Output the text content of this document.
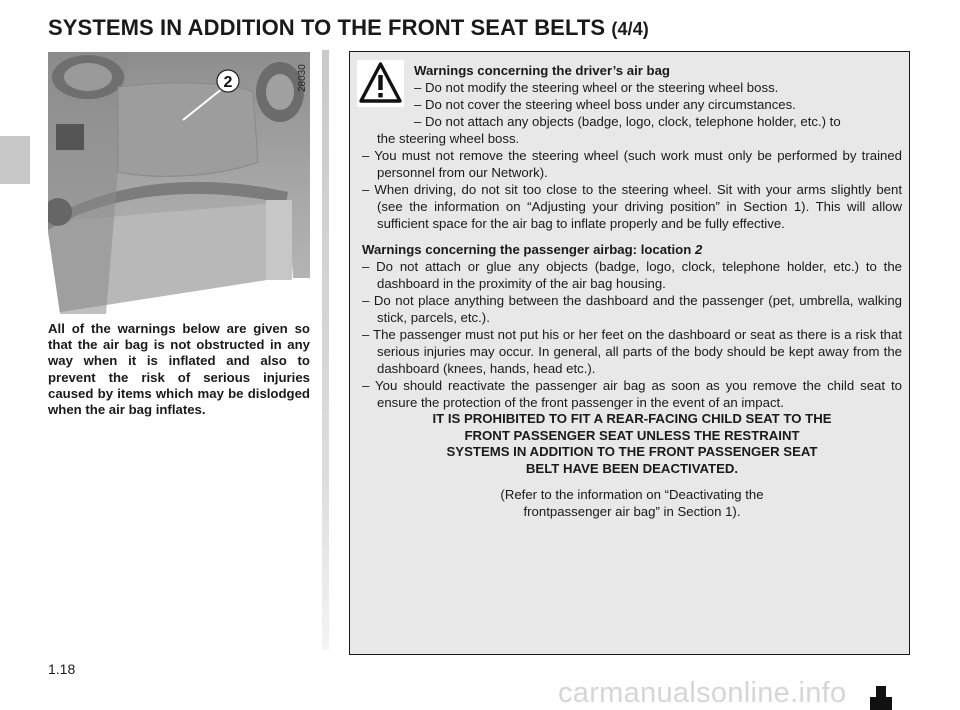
SYSTEMS IN ADDITION TO THE FRONT SEAT BELTS (4/4)
2	28030
All of the warnings below are given so that the air bag is not obstructed in any way when it is inflated and also to prevent the risk of serious injuries caused by items which may be dislodged when the air bag inflates.

Warnings concerning the driver’s air bag

– Do not modify the steering wheel or the steering wheel boss.

– Do not cover the steering wheel boss under any circumstances.

– Do not attach any objects (badge, logo, clock, telephone holder, etc.) to

the steering wheel boss.

– You must not remove the steering wheel (such work must only be performed by trained personnel from our Network).

– When driving, do not sit too close to the steering wheel. Sit with your arms slightly bent (see the information on “Adjusting your driving position” in Section 1). This will allow sufficient space for the air bag to inflate properly and be fully effective.

Warnings concerning the passenger airbag: location 2

– Do not attach or glue any objects (badge, logo, clock, telephone holder, etc.) to the dashboard in the proximity of the air bag housing.

– Do not place anything between the dashboard and the passenger (pet, umbrella, walking stick, parcels, etc.).

– The passenger must not put his or her feet on the dashboard or seat as there is a risk that serious injuries may occur. In general, all parts of the body should be kept away from the dashboard (knees, hands, head etc.).

– You should reactivate the passenger air bag as soon as you remove the child seat to ensure the protection of the front passenger in the event of an impact.

IT IS PROHIBITED TO FIT A REAR-FACING CHILD SEAT TO THE FRONT PASSENGER SEAT UNLESS THE RESTRAINT SYSTEMS IN ADDITION TO THE FRONT PASSENGER SEAT BELT HAVE BEEN DEACTIVATED.

(Refer to the information on “Deactivating the frontpassenger air bag” in Section 1).

1.18
carmanualsonline.info
